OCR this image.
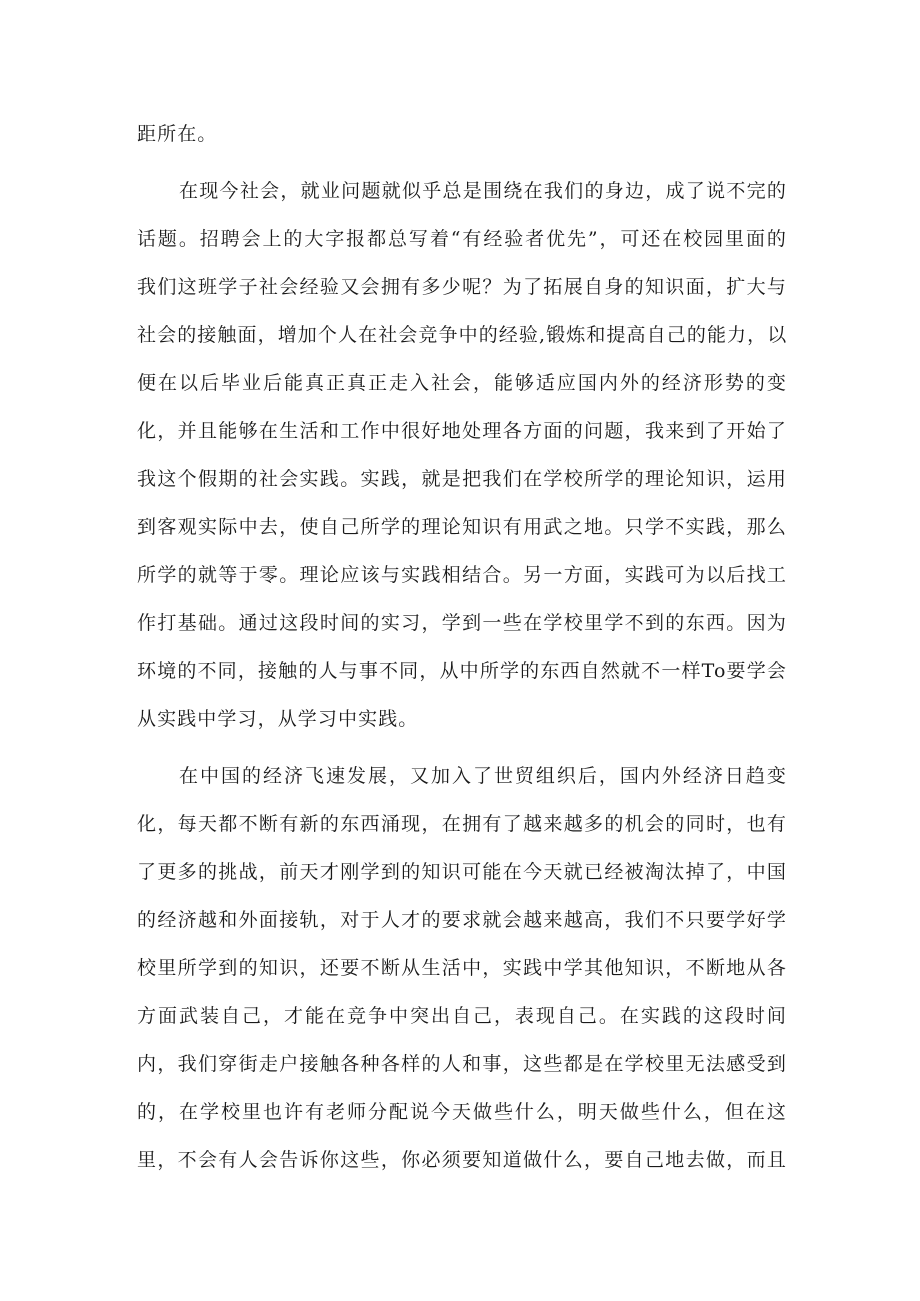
距所在。
在现今社会，就业问题就似乎总是围绕在我们的身边，成了说不完的
话题。招聘会上的大字报都总写着“有经验者优先”，可还在校园里面的
我们这班学子社会经验又会拥有多少呢？为了拓展自身的知识面，扩大与
社会的接触面，增加个人在社会竞争中的经验,锻炼和提高自己的能力，以
便在以后毕业后能真正真正走入社会，能够适应国内外的经济形势的变
化，并且能够在生活和工作中很好地处理各方面的问题，我来到了开始了
我这个假期的社会实践。实践，就是把我们在学校所学的理论知识，运用
到客观实际中去，使自己所学的理论知识有用武之地。只学不实践，那么
所学的就等于零。理论应该与实践相结合。另一方面，实践可为以后找工
作打基础。通过这段时间的实习，学到一些在学校里学不到的东西。因为
环境的不同，接触的人与事不同，从中所学的东西自然就不一样To要学会
从实践中学习，从学习中实践。
在中国的经济飞速发展，又加入了世贸组织后，国内外经济日趋变
化，每天都不断有新的东西涌现，在拥有了越来越多的机会的同时，也有
了更多的挑战，前天才刚学到的知识可能在今天就已经被淘汰掉了，中国
的经济越和外面接轨，对于人才的要求就会越来越高，我们不只要学好学
校里所学到的知识，还要不断从生活中，实践中学其他知识，不断地从各
方面武装自己，才能在竞争中突出自己，表现自己。在实践的这段时间
内，我们穿街走户接触各种各样的人和事，这些都是在学校里无法感受到
的，在学校里也许有老师分配说今天做些什么，明天做些什么，但在这
里，不会有人会告诉你这些，你必须要知道做什么，要自己地去做，而且
